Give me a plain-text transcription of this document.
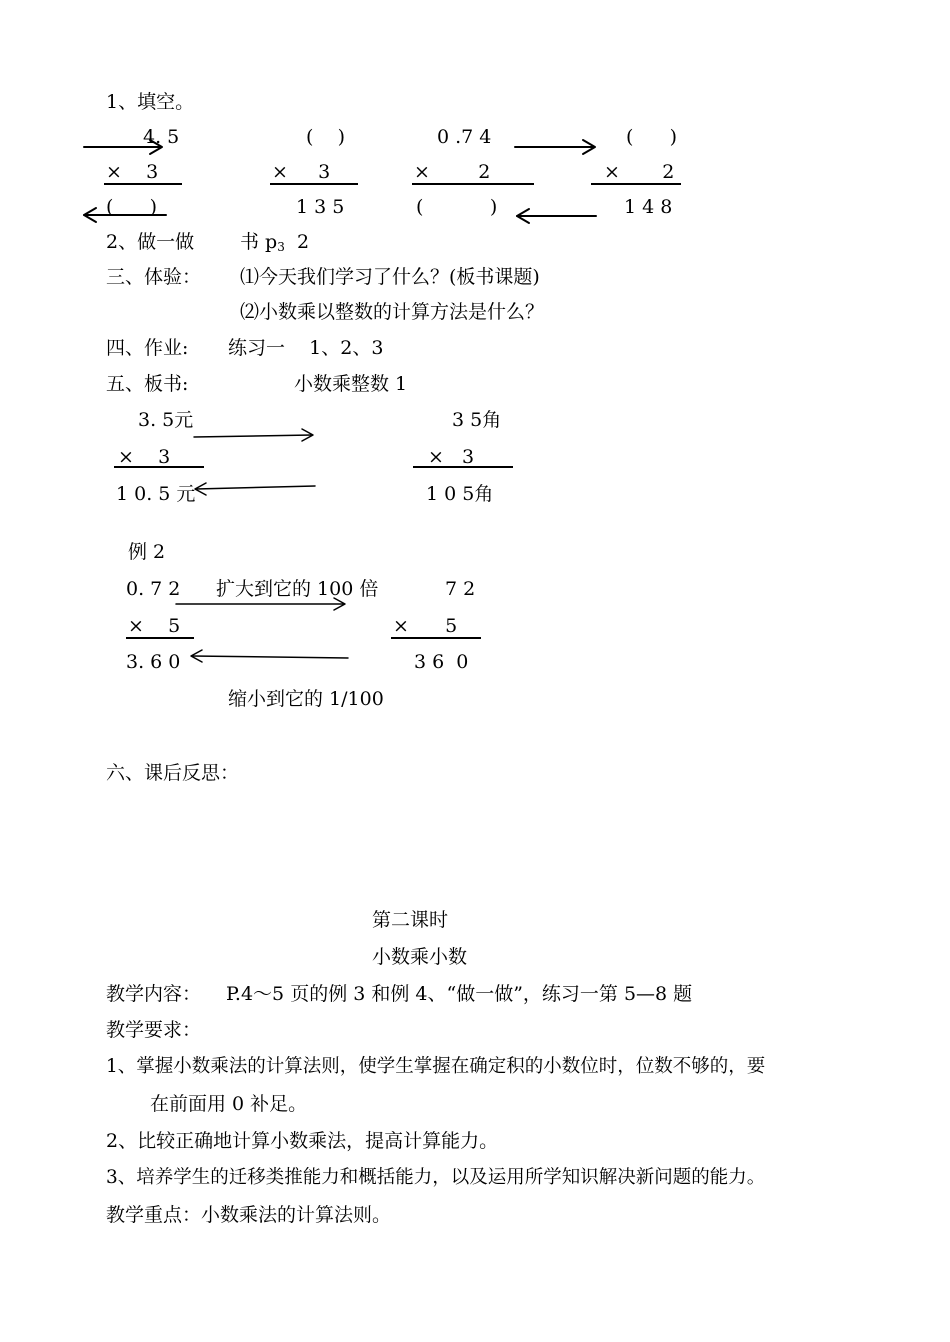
1、填空。
4. 5
×    3
(      )
(    )
×     3
1 3 5
0 .7 4
×        2
(           )
(      )
×       2
1 4 8
2、做一做 书 p3 2
三、体验： ⑴今天我们学习了什么？(板书课题)
⑵小数乘以整数的计算方法是什么？
四、作业: 练习一    1、2、3
五、板书:	小数乘整数 1
3. 5元
×    3
1 0. 5 元
3 5角
×   3
1 0 5角
例 2
0. 7 2 扩大到它的 100 倍	7 2
×    5	×      5
3. 6 0	3 6  0
缩小到它的 1/100
六、课后反思：
第二课时
小数乘小数
教学内容： P.4～5 页的例 3 和例 4、“做一做”，练习一第 5—8 题
教学要求：
1、掌握小数乘法的计算法则，使学生掌握在确定积的小数位时，位数不够的，要
在前面用 0 补足。
2、比较正确地计算小数乘法，提高计算能力。
3、培养学生的迁移类推能力和概括能力，以及运用所学知识解决新问题的能力。
教学重点：小数乘法的计算法则。
